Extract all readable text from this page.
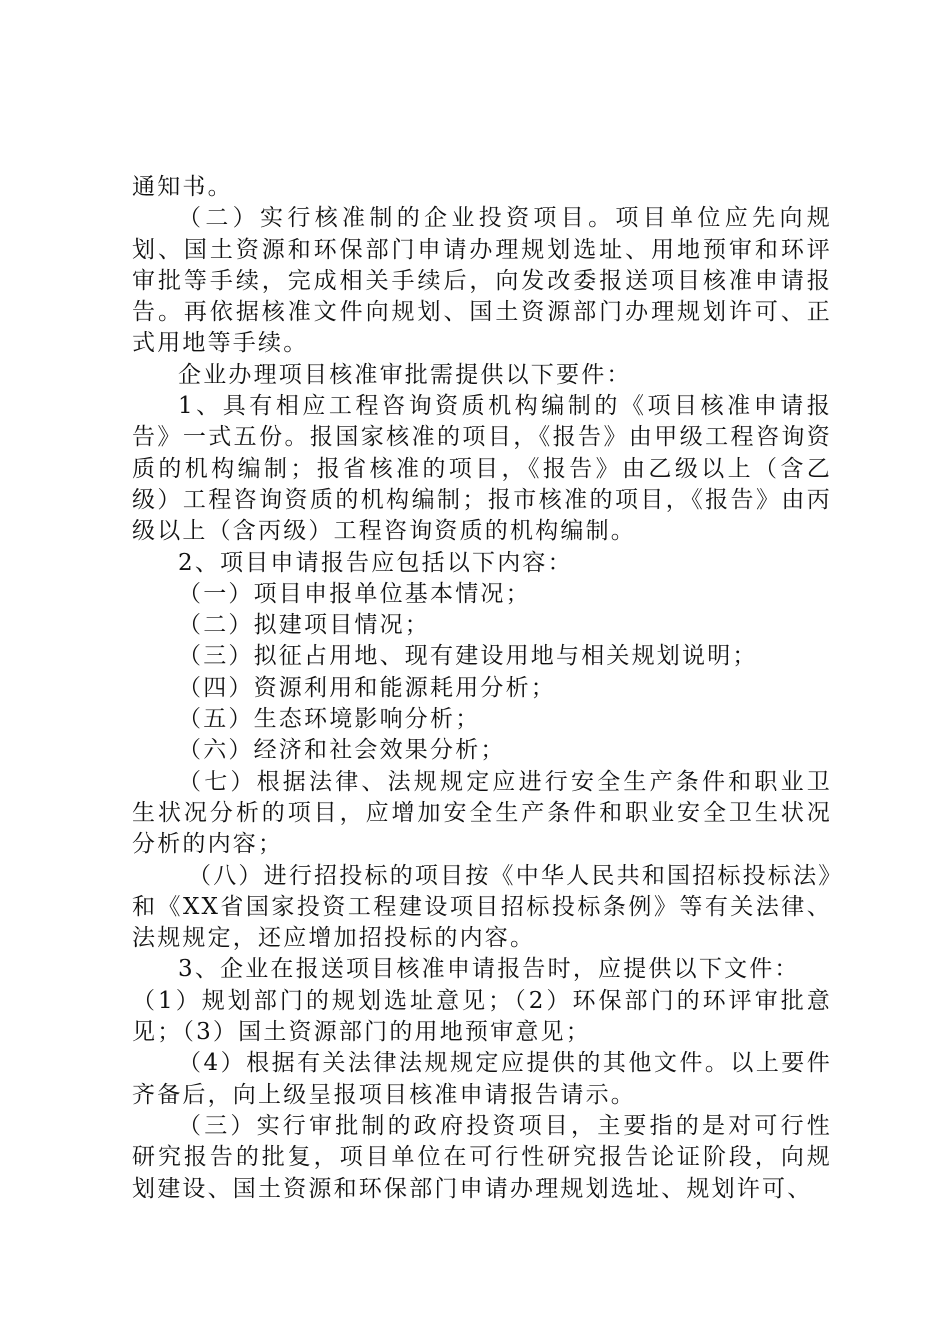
通知书。

（二）实行核准制的企业投资项目。项目单位应先向规划、国土资源和环保部门申请办理规划选址、用地预审和环评审批等手续，完成相关手续后，向发改委报送项目核准申请报告。再依据核准文件向规划、国土资源部门办理规划许可、正式用地等手续。

企业办理项目核准审批需提供以下要件：

1、具有相应工程咨询资质机构编制的《项目核准申请报告》一式五份。报国家核准的项目，《报告》由甲级工程咨询资质的机构编制；报省核准的项目，《报告》由乙级以上（含乙级）工程咨询资质的机构编制；报市核准的项目，《报告》由丙级以上（含丙级）工程咨询资质的机构编制。

2、项目申请报告应包括以下内容：

（一）项目申报单位基本情况；

（二）拟建项目情况；

（三）拟征占用地、现有建设用地与相关规划说明；

（四）资源利用和能源耗用分析；

（五）生态环境影响分析；

（六）经济和社会效果分析；

（七）根据法律、法规规定应进行安全生产条件和职业卫生状况分析的项目，应增加安全生产条件和职业安全卫生状况分析的内容；

（八）进行招投标的项目按《中华人民共和国招标投标法》和《XX省国家投资工程建设项目招标投标条例》等有关法律、法规规定，还应增加招投标的内容。

3、企业在报送项目核准申请报告时，应提供以下文件：

（1）规划部门的规划选址意见；（2）环保部门的环评审批意见；（3）国土资源部门的用地预审意见；

（4）根据有关法律法规规定应提供的其他文件。以上要件齐备后，向上级呈报项目核准申请报告请示。

（三）实行审批制的政府投资项目，主要指的是对可行性研究报告的批复，项目单位在可行性研究报告论证阶段，向规划建设、国土资源和环保部门申请办理规划选址、规划许可、
